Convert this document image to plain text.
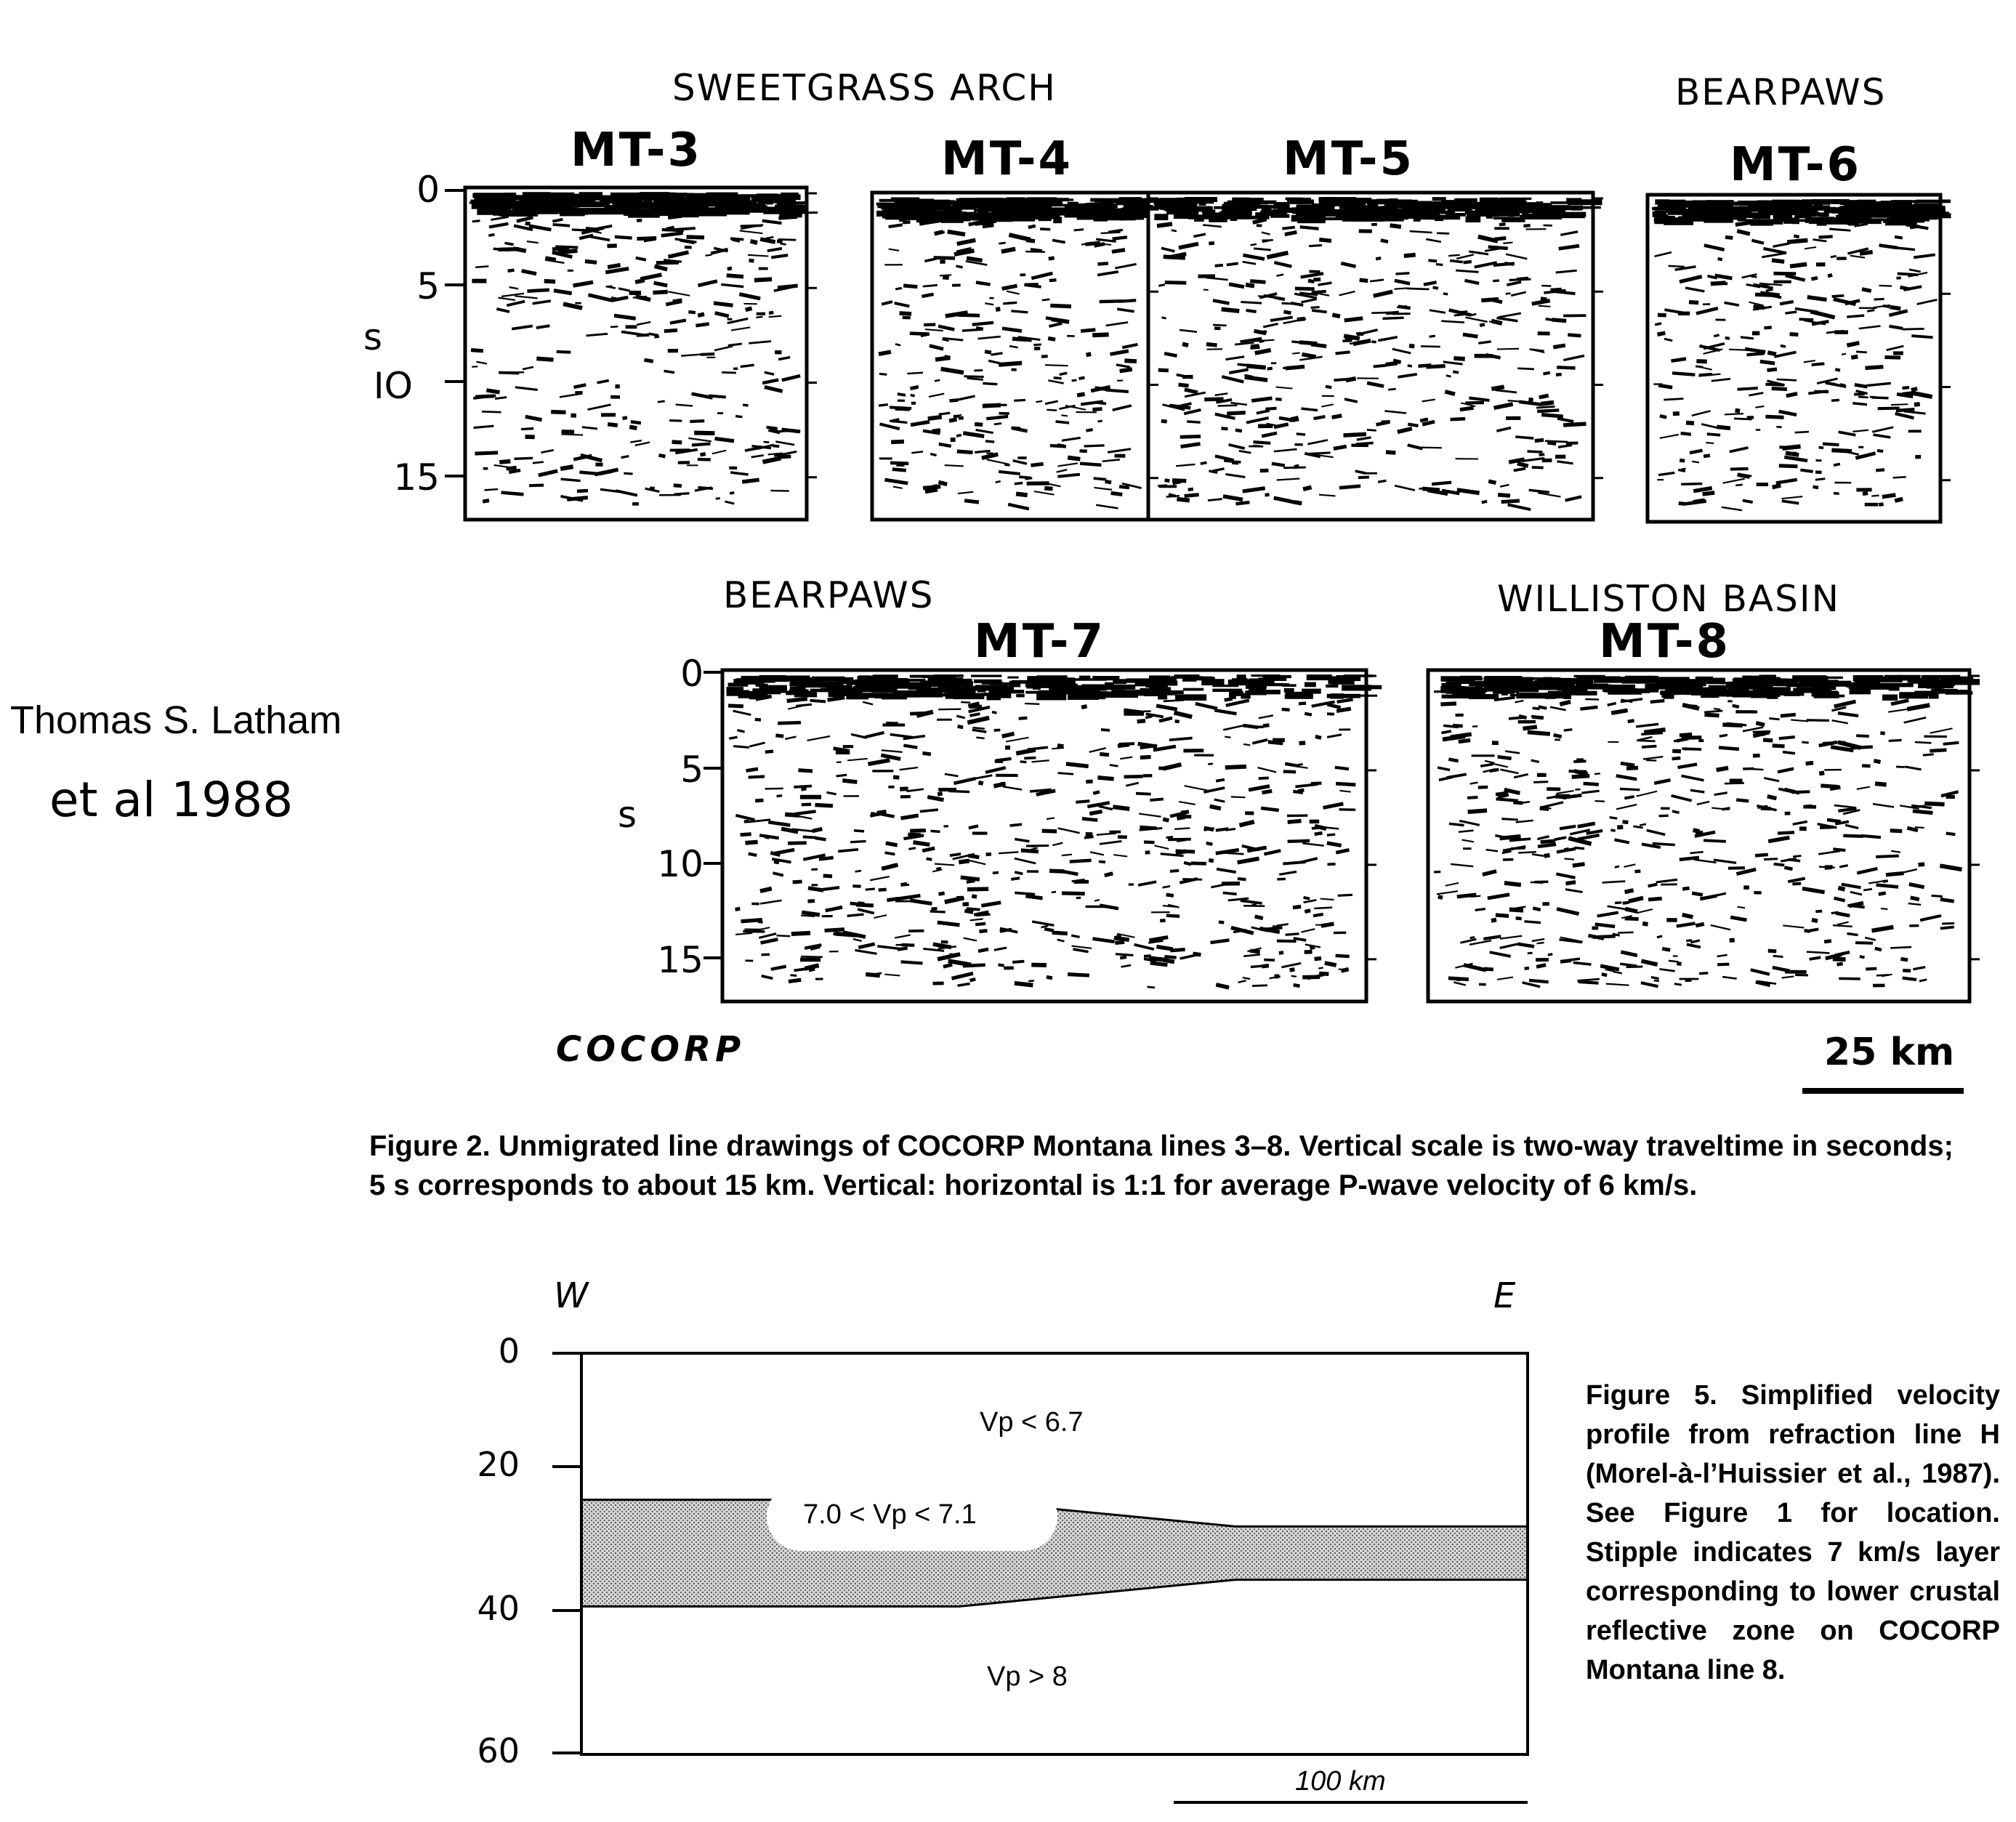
SWEETGRASS ARCH	BEARPAWS
BEARPAWS	WILLISTON BASIN
MT-3	MT-4	MT-5	MT-6
MT-7	MT-8
0
5
IO
15
s
0
5
10
15
s
COCORP	25 km
Figure 2. Unmigrated line drawings of COCORP Montana lines 3–8. Vertical scale is two-way traveltime in seconds; 5 s corresponds to about 15 km. Vertical: horizontal is 1:1 for average P-wave velocity of 6 km/s.
Thomas S. Latham
et al 1988
W	E
0
20
40
60
Vp < 6.7
7.0 < Vp < 7.1
Vp > 8
100 km
Figure 5. Simplified velocity profile from refraction line H (Morel-à-l’Huissier et al., 1987). See Figure 1 for location. Stipple indicates 7 km/s layer corresponding to lower crustal reflective zone on COCORP Montana line 8.
